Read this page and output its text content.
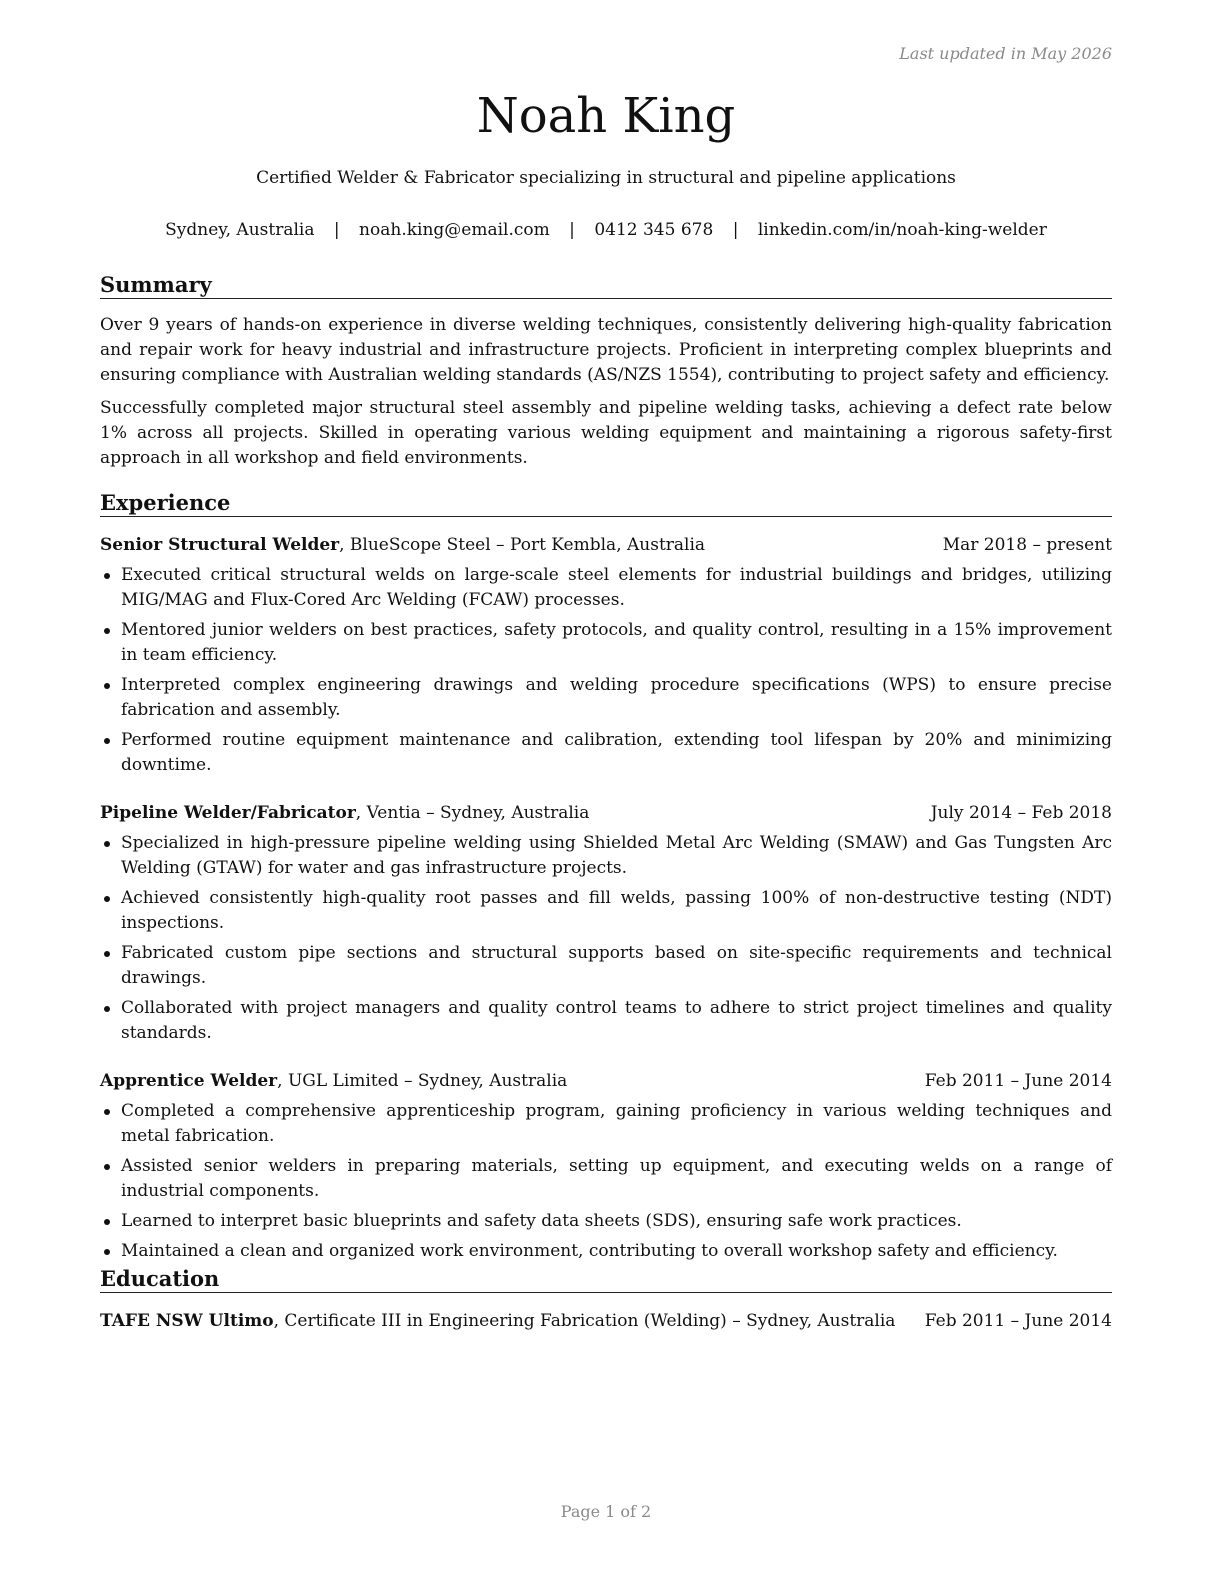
Last updated in May 2026
Noah King
Certified Welder & Fabricator specializing in structural and pipeline applications
Sydney, Australia | noah.king@email.com | 0412 345 678 | linkedin.com/in/noah-king-welder
Summary

Over 9 years of hands-on experience in diverse welding techniques, consistently delivering high-quality fabrication and repair work for heavy industrial and infrastructure projects. Proficient in interpreting complex blueprints and ensuring compliance with Australian welding standards (AS/NZS 1554), contributing to project safety and efficiency.

Successfully completed major structural steel assembly and pipeline welding tasks, achieving a defect rate below 1% across all projects. Skilled in operating various welding equipment and maintaining a rigorous safety-first approach in all workshop and field environments.

Experience
Senior Structural Welder, BlueScope Steel – Port Kembla, Australia	Mar 2018 – present
Executed critical structural welds on large-scale steel elements for industrial buildings and bridges, utilizing MIG/MAG and Flux-Cored Arc Welding (FCAW) processes.
Mentored junior welders on best practices, safety protocols, and quality control, resulting in a 15% improvement in team efficiency.
Interpreted complex engineering drawings and welding procedure specifications (WPS) to ensure precise fabrication and assembly.
Performed routine equipment maintenance and calibration, extending tool lifespan by 20% and minimizing downtime.
Pipeline Welder/Fabricator, Ventia – Sydney, Australia	July 2014 – Feb 2018
Specialized in high-pressure pipeline welding using Shielded Metal Arc Welding (SMAW) and Gas Tungsten Arc Welding (GTAW) for water and gas infrastructure projects.
Achieved consistently high-quality root passes and fill welds, passing 100% of non-destructive testing (NDT) inspections.
Fabricated custom pipe sections and structural supports based on site-specific requirements and technical drawings.
Collaborated with project managers and quality control teams to adhere to strict project timelines and quality standards.
Apprentice Welder, UGL Limited – Sydney, Australia	Feb 2011 – June 2014
Completed a comprehensive apprenticeship program, gaining proficiency in various welding techniques and metal fabrication.
Assisted senior welders in preparing materials, setting up equipment, and executing welds on a range of industrial components.
Learned to interpret basic blueprints and safety data sheets (SDS), ensuring safe work practices.
Maintained a clean and organized work environment, contributing to overall workshop safety and efficiency.
Education
TAFE NSW Ultimo, Certificate III in Engineering Fabrication (Welding) – Sydney, Australia Feb 2011 – June 2014
Page 1 of 2
